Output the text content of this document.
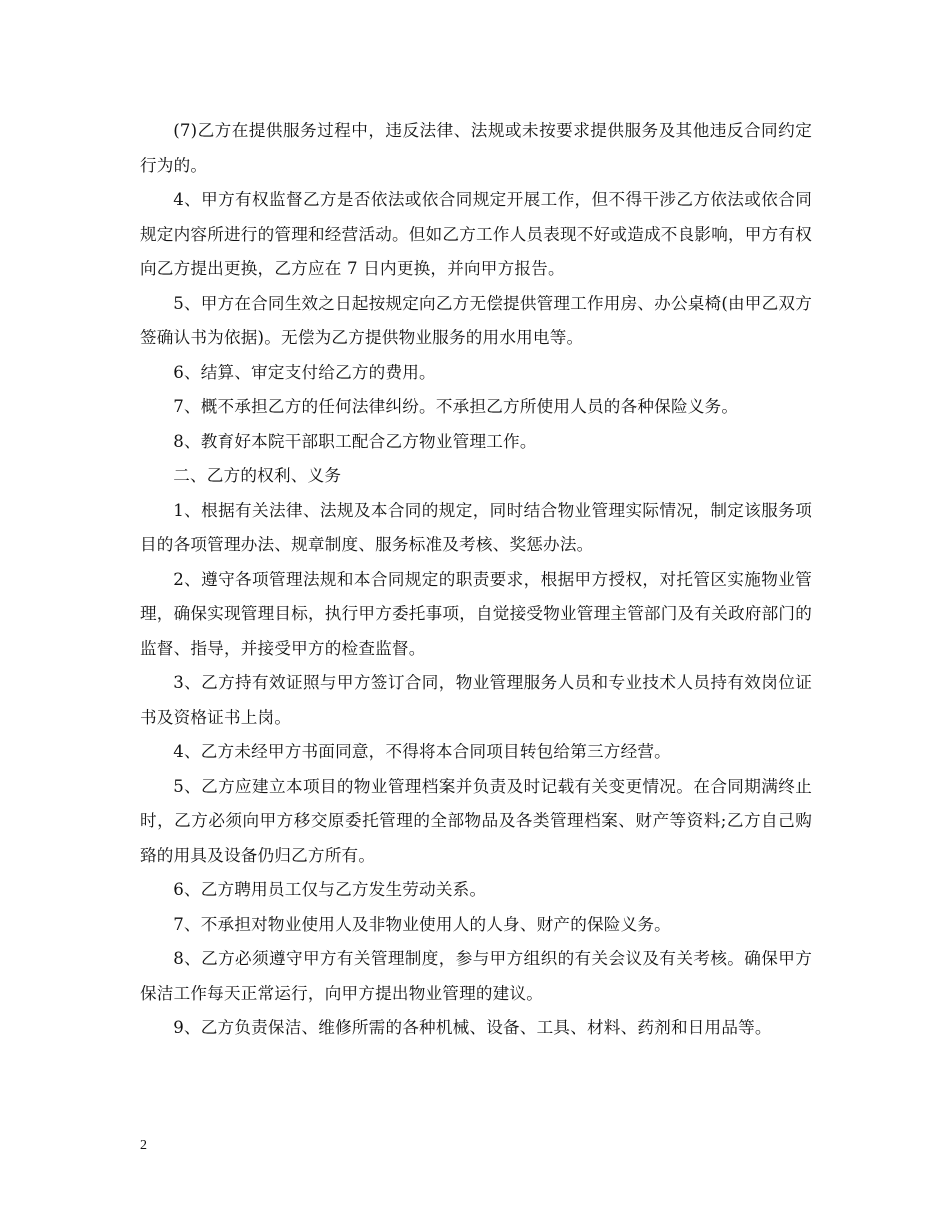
(7)乙方在提供服务过程中，违反法律、法规或未按要求提供服务及其他违反合同约定行为的。

4、甲方有权监督乙方是否依法或依合同规定开展工作，但不得干涉乙方依法或依合同规定内容所进行的管理和经营活动。但如乙方工作人员表现不好或造成不良影响，甲方有权向乙方提出更换，乙方应在 7 日内更换，并向甲方报告。

5、甲方在合同生效之日起按规定向乙方无偿提供管理工作用房、办公桌椅(由甲乙双方签确认书为依据)。无偿为乙方提供物业服务的用水用电等。

6、结算、审定支付给乙方的费用。

7、概不承担乙方的任何法律纠纷。不承担乙方所使用人员的各种保险义务。

8、教育好本院干部职工配合乙方物业管理工作。

二、乙方的权利、义务

1、根据有关法律、法规及本合同的规定，同时结合物业管理实际情况，制定该服务项目的各项管理办法、规章制度、服务标准及考核、奖惩办法。

2、遵守各项管理法规和本合同规定的职责要求，根据甲方授权，对托管区实施物业管理，确保实现管理目标，执行甲方委托事项，自觉接受物业管理主管部门及有关政府部门的监督、指导，并接受甲方的检查监督。

3、乙方持有效证照与甲方签订合同，物业管理服务人员和专业技术人员持有效岗位证书及资格证书上岗。

4、乙方未经甲方书面同意，不得将本合同项目转包给第三方经营。

5、乙方应建立本项目的物业管理档案并负责及时记载有关变更情况。在合同期满终止时，乙方必须向甲方移交原委托管理的全部物品及各类管理档案、财产等资料;乙方自己购臵的用具及设备仍归乙方所有。

6、乙方聘用员工仅与乙方发生劳动关系。

7、不承担对物业使用人及非物业使用人的人身、财产的保险义务。

8、乙方必须遵守甲方有关管理制度，参与甲方组织的有关会议及有关考核。确保甲方保洁工作每天正常运行，向甲方提出物业管理的建议。

9、乙方负责保洁、维修所需的各种机械、设备、工具、材料、药剂和日用品等。

2
